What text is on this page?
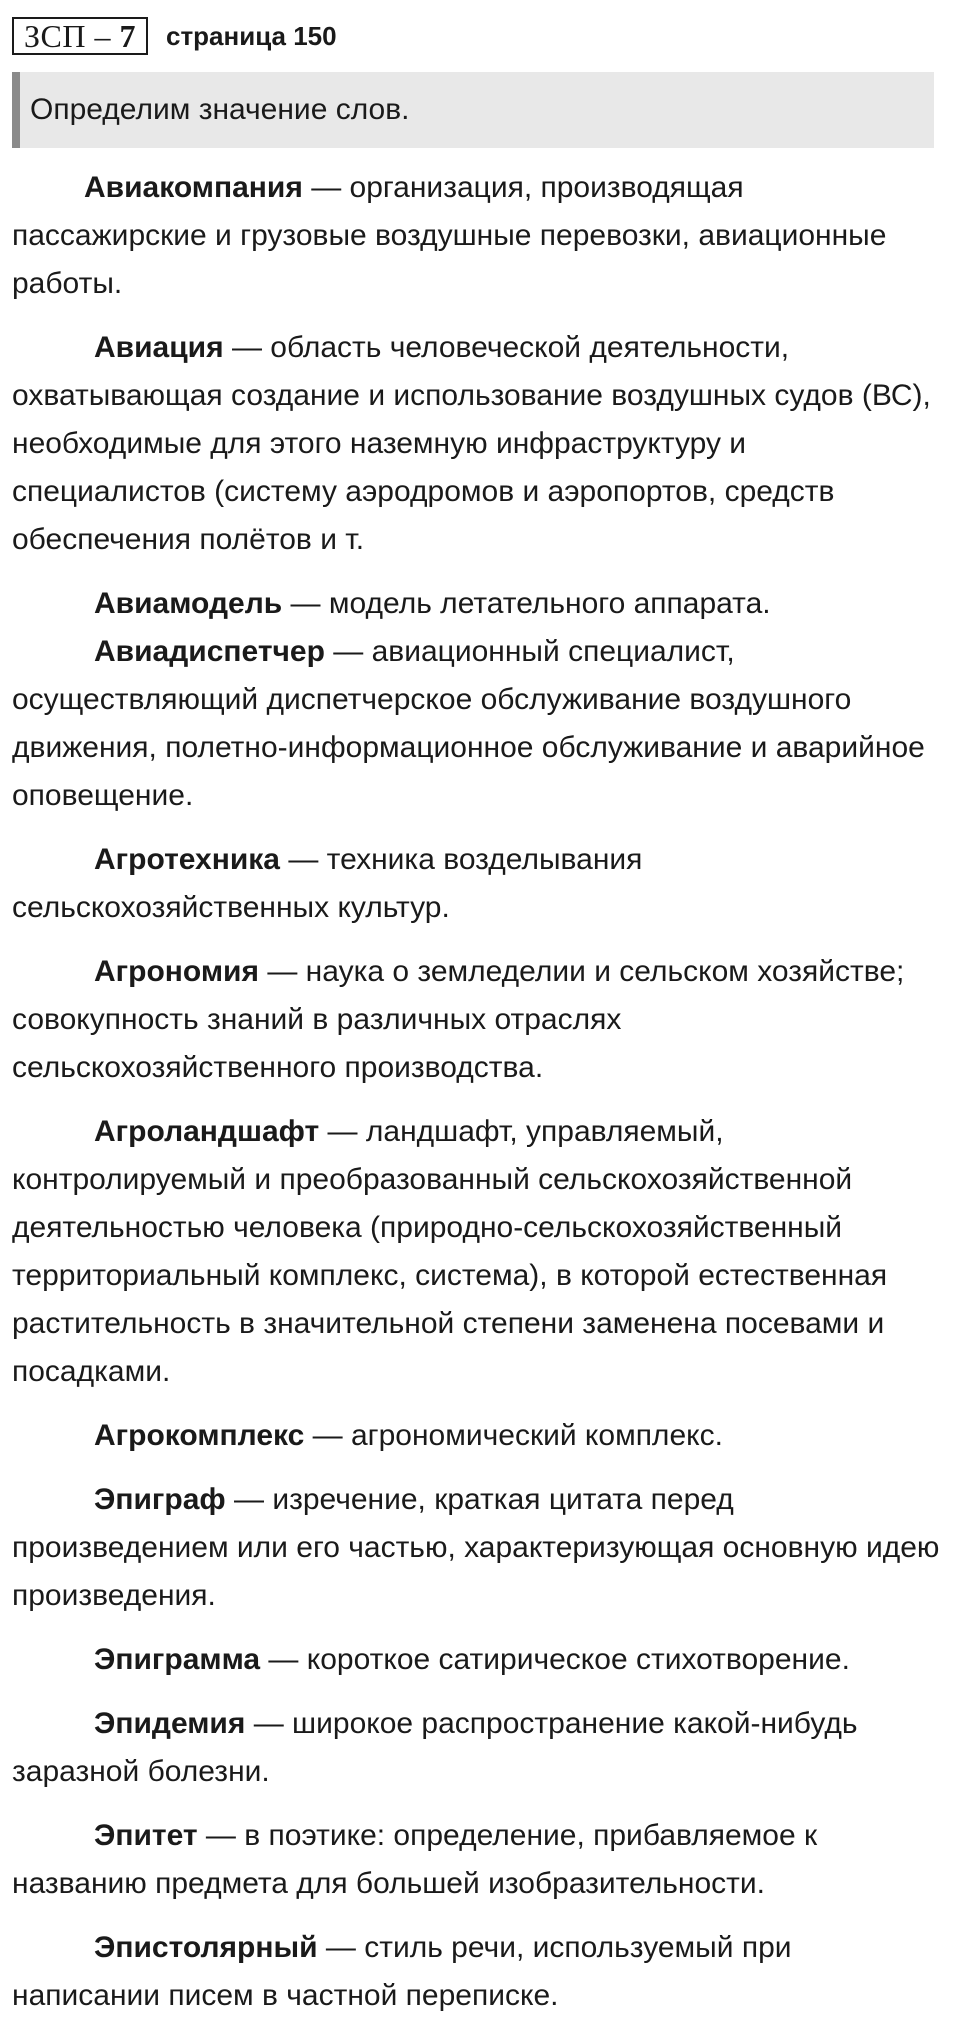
ЗСП – 7	страница 150
Определим значение слов.

Авиакомпания — организация, производящая пассажирские и грузовые воздушные перевозки, авиационные работы.

Авиация — область человеческой деятельности, охватывающая создание и использование воздушных судов (ВС), необходимые для этого наземную инфраструктуру и специалистов (систему аэродромов и аэропортов, средств обеспечения полётов и т.

Авиамодель — модель летательного аппарата.

Авиадиспетчер — авиационный специалист, осуществляющий диспетчерское обслуживание воздушного движения, полетно-информационное обслуживание и аварийное оповещение.

Агротехника — техника возделывания сельскохозяйственных культур.

Агрономия — наука о земледелии и сельском хозяйстве; совокупность знаний в различных отраслях сельскохозяйственного производства.

Агроландшафт — ландшафт, управляемый, контролируемый и преобразованный сельскохозяйственной деятельностью человека (природно-сельскохозяйственный территориальный комплекс, система), в которой естественная растительность в значительной степени заменена посевами и посадками.

Агрокомплекс — агрономический комплекс.

Эпиграф — изречение, краткая цитата перед произведением или его частью, характеризующая основную идею произведения.

Эпиграмма — короткое сатирическое стихотворение.

Эпидемия — широкое распространение какой-нибудь заразной болезни.

Эпитет — в поэтике: определение, прибавляемое к названию предмета для большей изобразительности.

Эпистолярный — стиль речи, используемый при написании писем в частной переписке.
